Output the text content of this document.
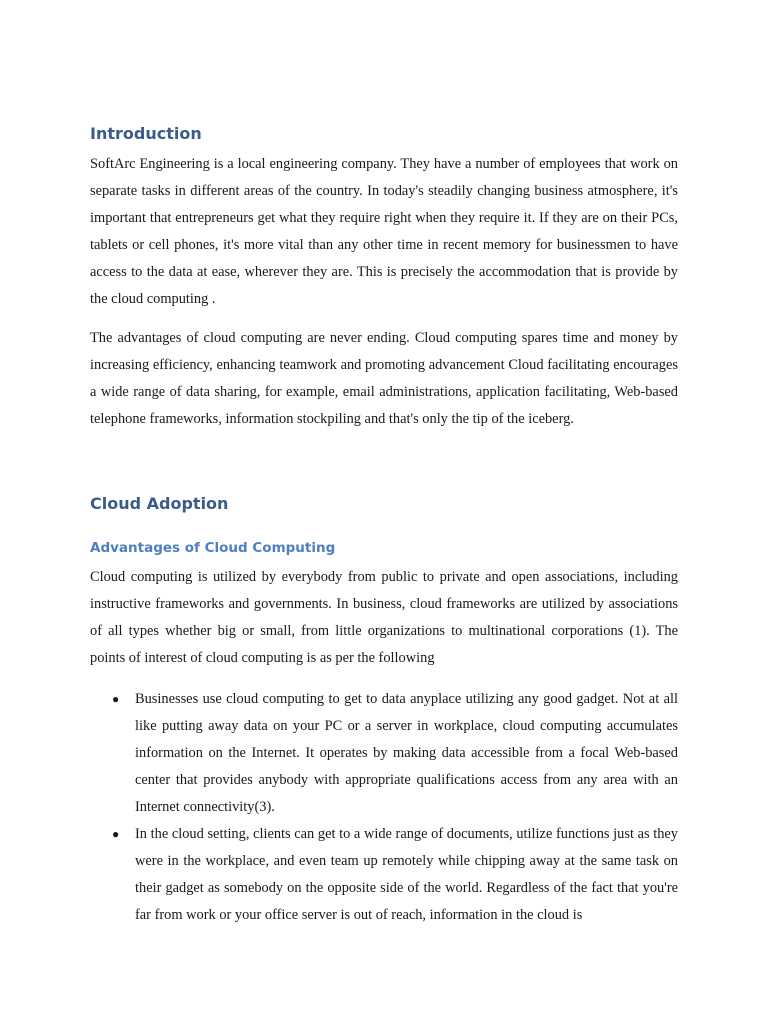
Introduction

SoftArc Engineering is a local engineering company. They have a number of employees that work on separate tasks in different areas of the country. In today's steadily changing business atmosphere, it's important that entrepreneurs get what they require right when they require it. If they are on their PCs, tablets or cell phones, it's more vital than any other time in recent memory for businessmen to have access to the data at ease, wherever they are. This is precisely the accommodation that is provide by the cloud computing .

The advantages of cloud computing are never ending. Cloud computing spares time and money by increasing efficiency, enhancing teamwork and promoting advancement Cloud facilitating encourages a wide range of data sharing, for example, email administrations, application facilitating, Web-based telephone frameworks, information stockpiling and that's only the tip of the iceberg.

Cloud Adoption
Advantages of Cloud Computing

Cloud computing is utilized by everybody from public to private and open associations, including instructive frameworks and governments. In business, cloud frameworks are utilized by associations of all types whether big or small, from little organizations to multinational corporations (1). The points of interest of cloud computing is as per the following

● Businesses use cloud computing to get to data anyplace utilizing any good gadget. Not at all like putting away data on your PC or a server in workplace, cloud computing accumulates information on the Internet. It operates by making data accessible from a focal Web-based center that provides anybody with appropriate qualifications access from any area with an Internet connectivity(3).
● In the cloud setting, clients can get to a wide range of documents, utilize functions just as they were in the workplace, and even team up remotely while chipping away at the same task on their gadget as somebody on the opposite side of the world. Regardless of the fact that you're far from work or your office server is out of reach, information in the cloud is
